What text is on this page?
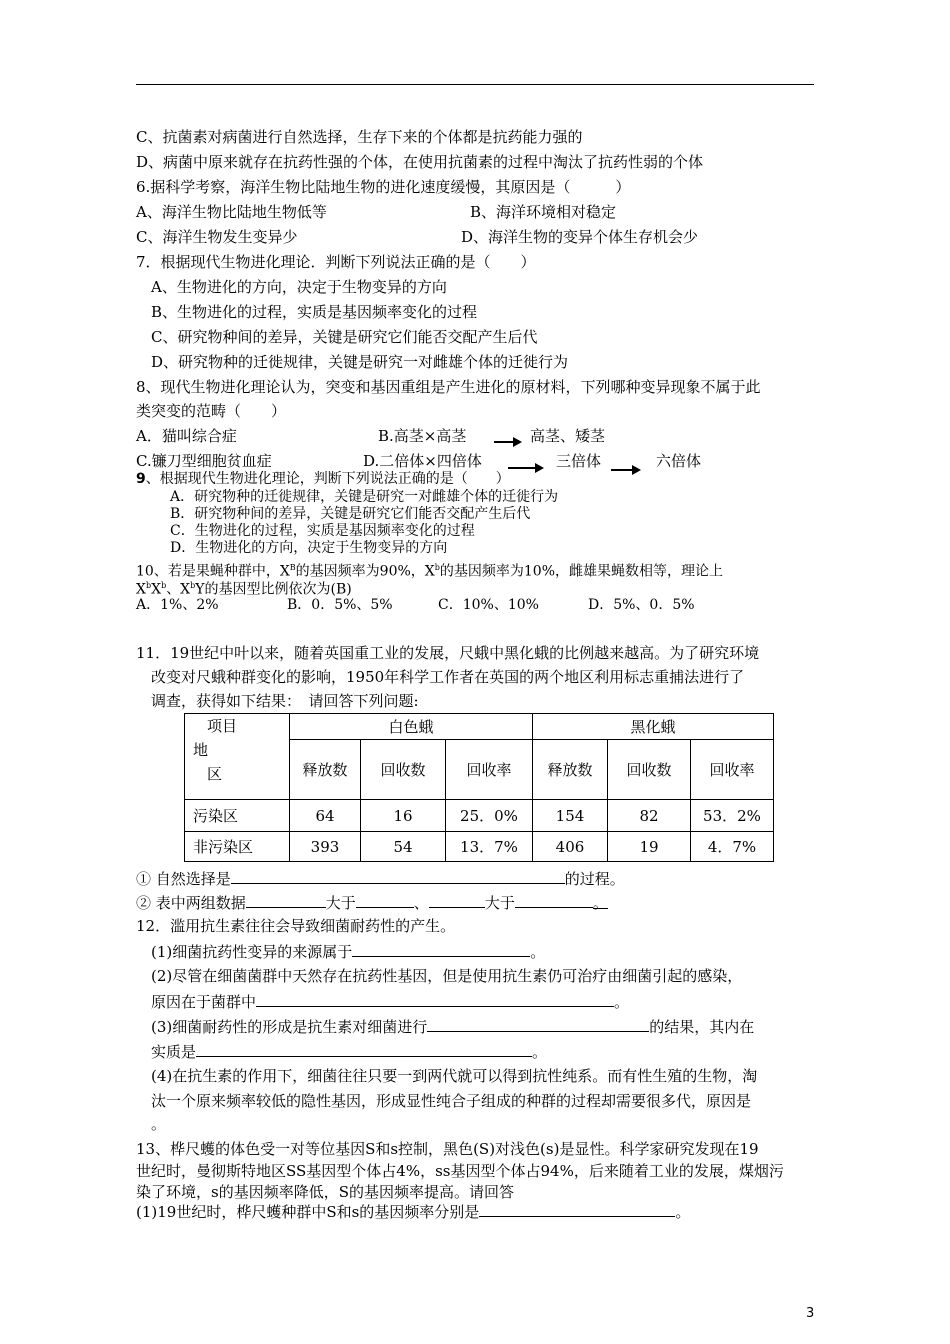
C、抗菌素对病菌进行自然选择，生存下来的个体都是抗药能力强的
D、病菌中原来就存在抗药性强的个体，在使用抗菌素的过程中淘汰了抗药性弱的个体
6.据科学考察，海洋生物比陆地生物的进化速度缓慢，其原因是（　　　）
A、海洋生物比陆地生物低等	B、海洋环境相对稳定
C、海洋生物发生变异少	D、海洋生物的变异个体生存机会少
7．根据现代生物进化理论．判断下列说法正确的是（　　）
A、生物进化的方向，决定于生物变异的方向
B、生物进化的过程，实质是基因频率变化的过程
C、研究物种间的差异，关键是研究它们能否交配产生后代
D、研究物种的迁徙规律，关键是研究一对雌雄个体的迁徙行为
8、现代生物进化理论认为，突变和基因重组是产生进化的原材料，下列哪种变异现象不属于此
类突变的范畴（　　）
A．猫叫综合症	B.高茎×高茎	高茎、矮茎
C.镰刀型细胞贫血症	D.二倍体×四倍体	三倍体	六倍体
9、根据现代生物进化理论，判断下列说法正确的是（　　）
A．研究物种的迁徙规律，关键是研究一对雌雄个体的迁徙行为
B．研究物种间的差异，关键是研究它们能否交配产生后代
C．生物进化的过程，实质是基因频率变化的过程
D．生物进化的方向，决定于生物变异的方向
10、若是果蝇种群中，$X^B$的基因频率为90%，$X^b$的基因频率为10%，雌雄果蝇数相等，理论上
$X^bX^b$、$X^bY$的基因型比例依次为(B)
A．1%、2%	B．0．5%、5%	C．10%、10%	D．5%、0．5%
11．19世纪中叶以来，随着英国重工业的发展，尺蛾中黑化蛾的比例越来越高。为了研究环境
改变对尺蛾种群变化的影响，1950年科学工作者在英国的两个地区利用标志重捕法进行了
调查，获得如下结果：　请回答下列问题:
项目
地
区	白色蛾			黑化蛾		
	释放数	回收数	回收率	释放数	回收数	回收率
污染区	64	16	25．0%	154	82	53．2%
非污染区	393	54	13．7%	406	19	4．7%
① 自然选择是	的过程。
② 表中两组数据	大于	、	大于	。
12．滥用抗生素往往会导致细菌耐药性的产生。
(1)细菌抗药性变异的来源属于	。
(2)尽管在细菌菌群中天然存在抗药性基因，但是使用抗生素仍可治疗由细菌引起的感染，
原因在于菌群中	。
(3)细菌耐药性的形成是抗生素对细菌进行	的结果，其内在
实质是	。
(4)在抗生素的作用下，细菌往往只要一到两代就可以得到抗性纯系。而有性生殖的生物，淘
汰一个原来频率较低的隐性基因，形成显性纯合子组成的种群的过程却需要很多代，原因是
。
13、桦尺蠖的体色受一对等位基因S和s控制，黑色(S)对浅色(s)是显性。科学家研究发现在19
世纪时，曼彻斯特地区SS基因型个体占4%，ss基因型个体占94%，后来随着工业的发展，煤烟污
染了环境，s的基因频率降低，S的基因频率提高。请回答
(1)19世纪时，桦尺蠖种群中S和s的基因频率分别是	。
3
